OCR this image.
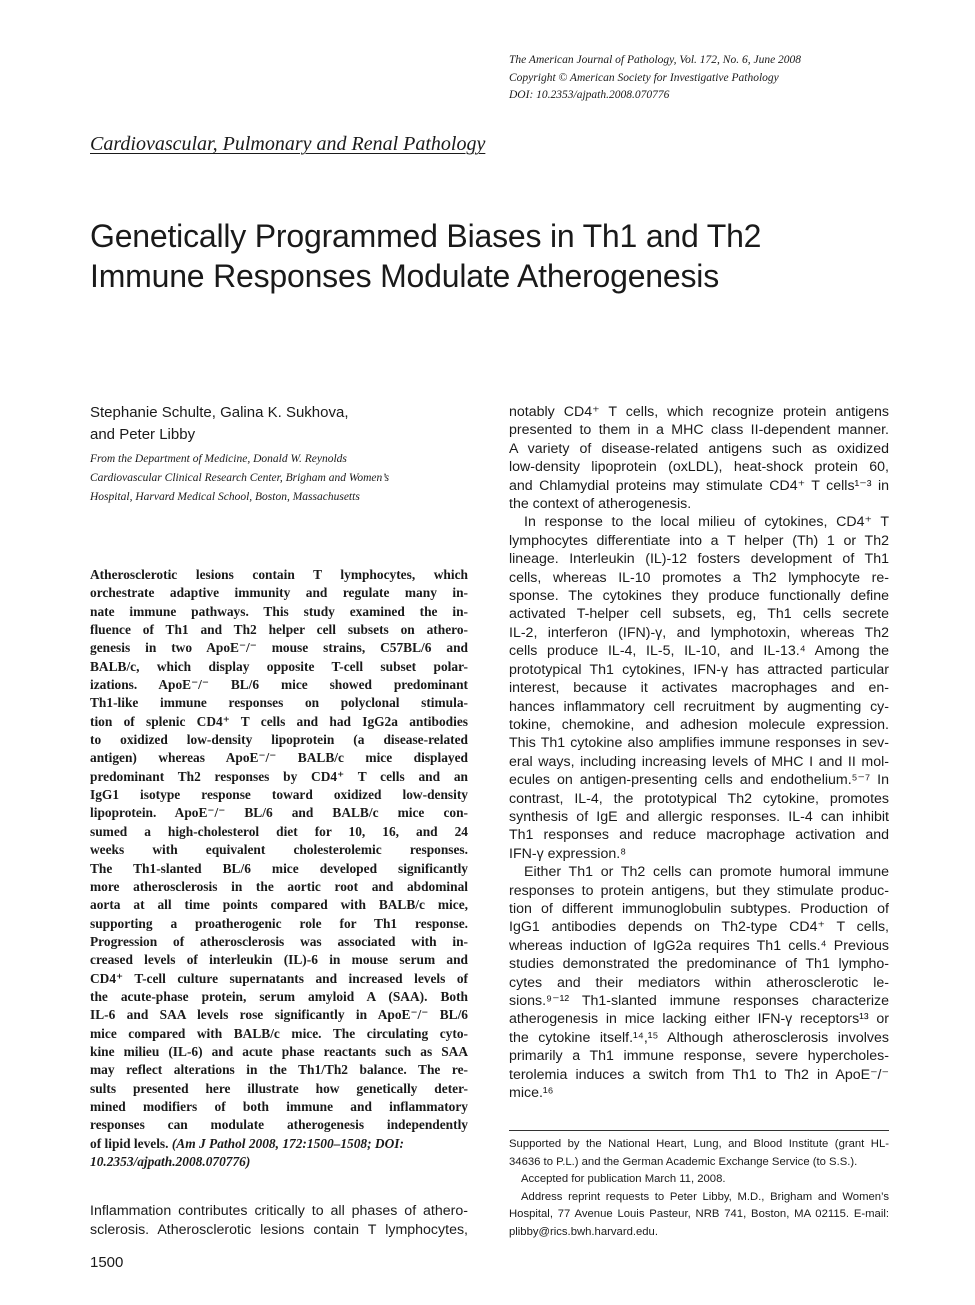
The American Journal of Pathology, Vol. 172, No. 6, June 2008
Copyright © American Society for Investigative Pathology
DOI: 10.2353/ajpath.2008.070776
Cardiovascular, Pulmonary and Renal Pathology
Genetically Programmed Biases in Th1 and Th2
Immune Responses Modulate Atherogenesis
Stephanie Schulte, Galina K. Sukhova,
and Peter Libby
From the Department of Medicine, Donald W. Reynolds
Cardiovascular Clinical Research Center, Brigham and Women’s
Hospital, Harvard Medical School, Boston, Massachusetts
Atherosclerotic lesions contain T lymphocytes, which
orchestrate adaptive immunity and regulate many in-
nate immune pathways. This study examined the in-
fluence of Th1 and Th2 helper cell subsets on athero-
genesis in two ApoE⁻/⁻ mouse strains, C57BL/6 and
BALB/c, which display opposite T-cell subset polar-
izations. ApoE⁻/⁻ BL/6 mice showed predominant
Th1-like immune responses on polyclonal stimula-
tion of splenic CD4⁺ T cells and had IgG2a antibodies
to oxidized low-density lipoprotein (a disease-related
antigen) whereas ApoE⁻/⁻ BALB/c mice displayed
predominant Th2 responses by CD4⁺ T cells and an
IgG1 isotype response toward oxidized low-density
lipoprotein. ApoE⁻/⁻ BL/6 and BALB/c mice con-
sumed a high-cholesterol diet for 10, 16, and 24
weeks with equivalent cholesterolemic responses.
The Th1-slanted BL/6 mice developed significantly
more atherosclerosis in the aortic root and abdominal
aorta at all time points compared with BALB/c mice,
supporting a proatherogenic role for Th1 response.
Progression of atherosclerosis was associated with in-
creased levels of interleukin (IL)-6 in mouse serum and
CD4⁺ T-cell culture supernatants and increased levels of
the acute-phase protein, serum amyloid A (SAA). Both
IL-6 and SAA levels rose significantly in ApoE⁻/⁻ BL/6
mice compared with BALB/c mice. The circulating cyto-
kine milieu (IL-6) and acute phase reactants such as SAA
may reflect alterations in the Th1/Th2 balance. The re-
sults presented here illustrate how genetically deter-
mined modifiers of both immune and inflammatory
responses can modulate atherogenesis independently
of lipid levels. (Am J Pathol 2008, 172:1500–1508; DOI:
10.2353/ajpath.2008.070776)
Inflammation contributes critically to all phases of athero-
sclerosis. Atherosclerotic lesions contain T lymphocytes,
notably CD4⁺ T cells, which recognize protein antigens
presented to them in a MHC class II-dependent manner.
A variety of disease-related antigens such as oxidized
low-density lipoprotein (oxLDL), heat-shock protein 60,
and Chlamydial proteins may stimulate CD4⁺ T cells¹⁻³ in
the context of atherogenesis.
In response to the local milieu of cytokines, CD4⁺ T
lymphocytes differentiate into a T helper (Th) 1 or Th2
lineage. Interleukin (IL)-12 fosters development of Th1
cells, whereas IL-10 promotes a Th2 lymphocyte re-
sponse. The cytokines they produce functionally define
activated T-helper cell subsets, eg, Th1 cells secrete
IL-2, interferon (IFN)-γ, and lymphotoxin, whereas Th2
cells produce IL-4, IL-5, IL-10, and IL-13.⁴ Among the
prototypical Th1 cytokines, IFN-γ has attracted particular
interest, because it activates macrophages and en-
hances inflammatory cell recruitment by augmenting cy-
tokine, chemokine, and adhesion molecule expression.
This Th1 cytokine also amplifies immune responses in sev-
eral ways, including increasing levels of MHC I and II mol-
ecules on antigen-presenting cells and endothelium.⁵⁻⁷ In
contrast, IL-4, the prototypical Th2 cytokine, promotes
synthesis of IgE and allergic responses. IL-4 can inhibit
Th1 responses and reduce macrophage activation and
IFN-γ expression.⁸
Either Th1 or Th2 cells can promote humoral immune
responses to protein antigens, but they stimulate produc-
tion of different immunoglobulin subtypes. Production of
IgG1 antibodies depends on Th2-type CD4⁺ T cells,
whereas induction of IgG2a requires Th1 cells.⁴ Previous
studies demonstrated the predominance of Th1 lympho-
cytes and their mediators within atherosclerotic le-
sions.⁹⁻¹² Th1-slanted immune responses characterize
atherogenesis in mice lacking either IFN-γ receptors¹³ or
the cytokine itself.¹⁴,¹⁵ Although atherosclerosis involves
primarily a Th1 immune response, severe hypercholes-
terolemia induces a switch from Th1 to Th2 in ApoE⁻/⁻
mice.¹⁶
Supported by the National Heart, Lung, and Blood Institute (grant HL-
34636 to P.L.) and the German Academic Exchange Service (to S.S.).
Accepted for publication March 11, 2008.
Address reprint requests to Peter Libby, M.D., Brigham and Women’s
Hospital, 77 Avenue Louis Pasteur, NRB 741, Boston, MA 02115. E-mail:
plibby@rics.bwh.harvard.edu.
1500
